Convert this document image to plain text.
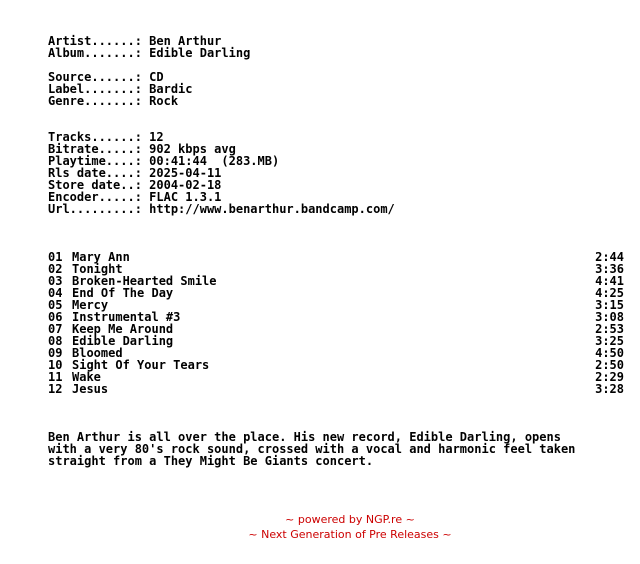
Artist......: Ben Arthur
Album.......: Edible Darling
Source......: CD
Label.......: Bardic
Genre.......: Rock
Tracks......: 12
Bitrate.....: 902 kbps avg
Playtime....: 00:41:44  (283.MB)
Rls date....: 2025-04-11
Store date..: 2004-02-18
Encoder.....: FLAC 1.3.1
Url.........: http://www.benarthur.bandcamp.com/
01 Mary Ann	2:44
02 Tonight	3:36
03 Broken-Hearted Smile	4:41
04 End Of The Day	4:25
05 Mercy	3:15
06 Instrumental #3	3:08
07 Keep Me Around	2:53
08 Edible Darling	3:25
09 Bloomed	4:50
10 Sight Of Your Tears	2:50
11 Wake	2:29
12 Jesus	3:28
Ben Arthur is all over the place. His new record, Edible Darling, opens
with a very 80's rock sound, crossed with a vocal and harmonic feel taken
straight from a They Might Be Giants concert.
~ powered by NGP.re ~
~ Next Generation of Pre Releases ~
